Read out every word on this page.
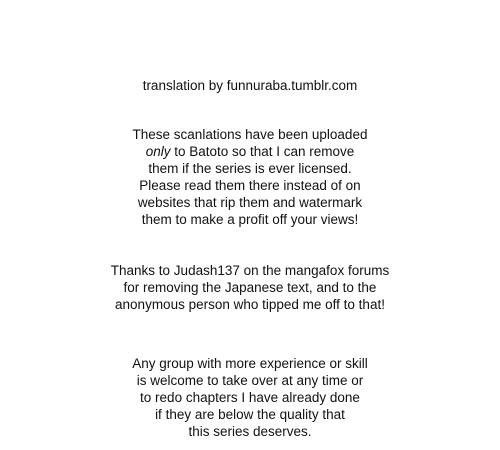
translation by funnuraba.tumblr.com
These scanlations have been uploaded
only to Batoto so that I can remove
them if the series is ever licensed.
Please read them there instead of on
websites that rip them and watermark
them to make a profit off your views!
Thanks to Judash137 on the mangafox forums
for removing the Japanese text, and to the
anonymous person who tipped me off to that!
Any group with more experience or skill
is welcome to take over at any time or
to redo chapters I have already done
if they are below the quality that
this series deserves.
